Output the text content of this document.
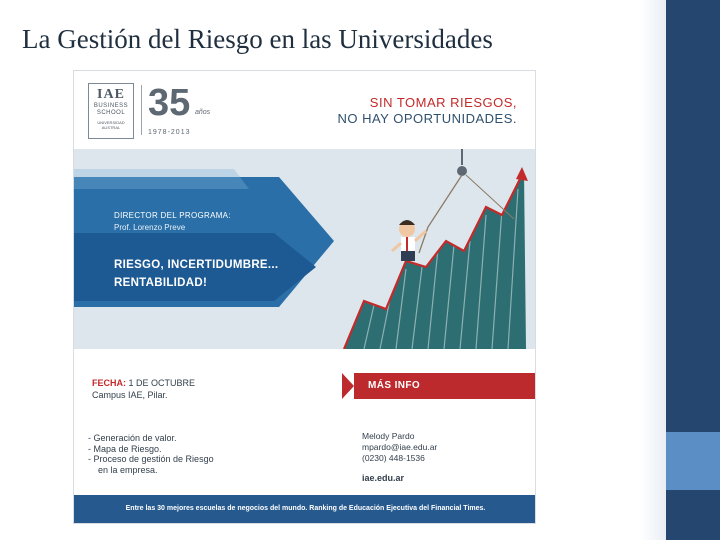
La Gestión del Riesgo en las Universidades
IAE
BUSINESS
SCHOOL
UNIVERSIDAD AUSTRAL
35 años
1978-2013
SIN TOMAR RIESGOS,
NO HAY OPORTUNIDADES.
DIRECTOR DEL PROGRAMA:
Prof. Lorenzo Preve
RIESGO, INCERTIDUMBRE...
RENTABILIDAD!
FECHA: 1 DE OCTUBRE
Campus IAE, Pilar.
MÁS INFO
- Generación de valor.
- Mapa de Riesgo.
- Proceso de gestión de Riesgo
en la empresa.
Melody Pardo
mpardo@iae.edu.ar
(0230) 448-1536
iae.edu.ar
Entre las 30 mejores escuelas de negocios del mundo. Ranking de Educación Ejecutiva del Financial Times.
